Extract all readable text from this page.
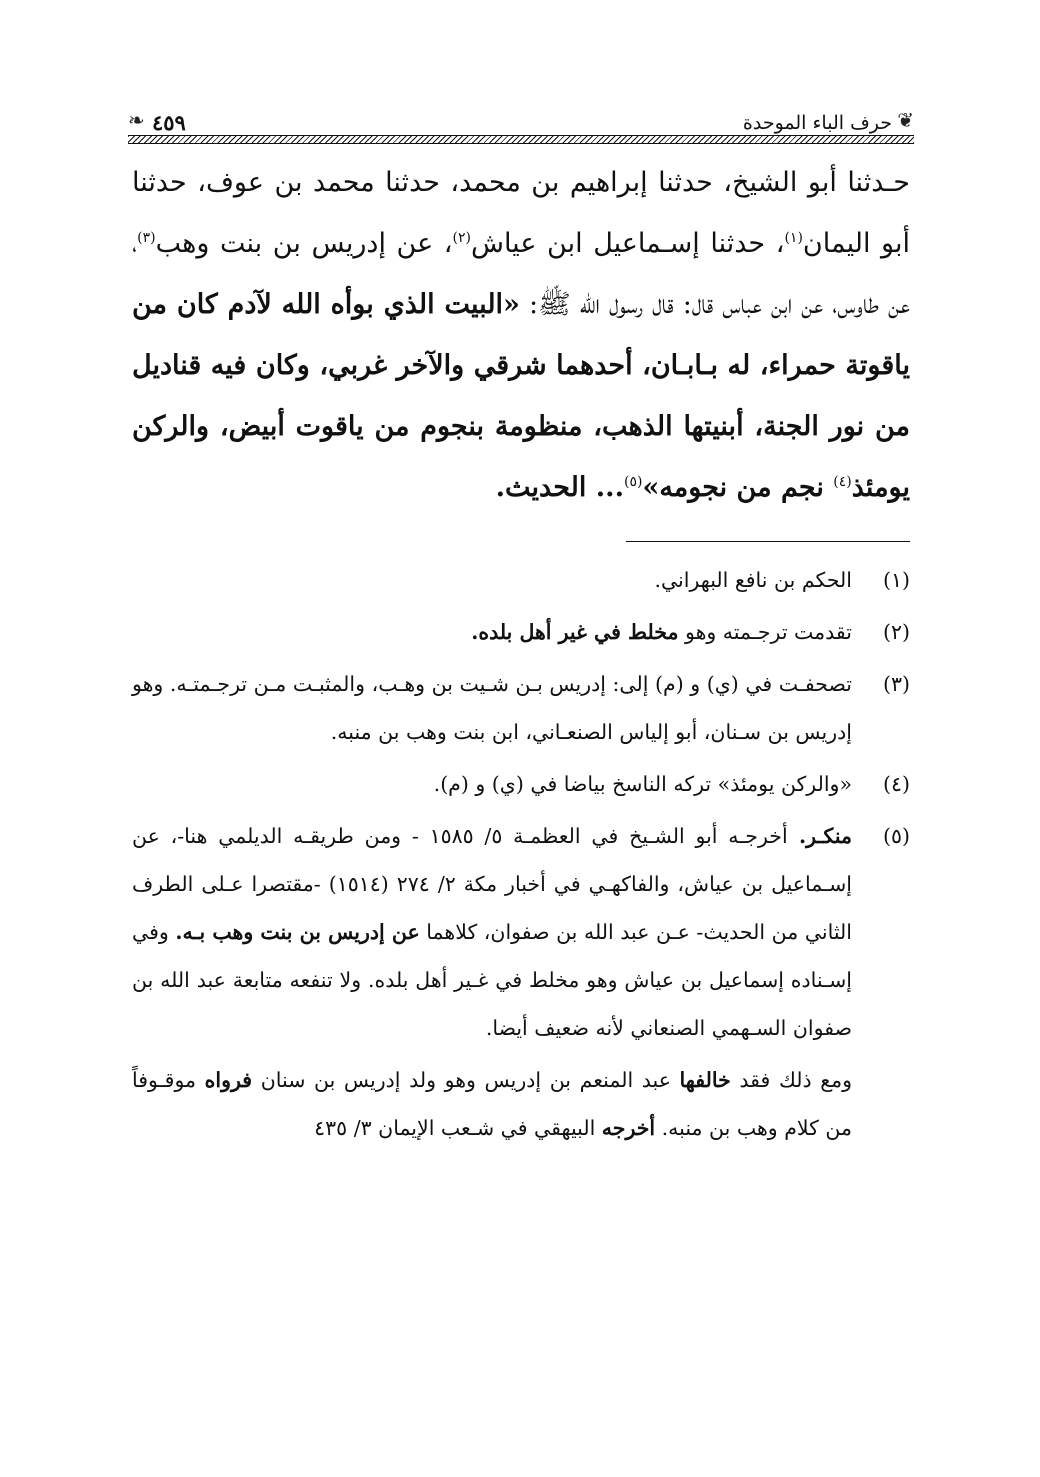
❦
حرف الباء الموحدة
❧ ٤٥٩

حـدثنا أبو الشيخ، حدثنا إبراهيم بن محمد، حدثنا محمد بن عوف، حدثنا أبو اليمان$^{(١)}$، حدثنا إسـماعيل ابن عياش$^{(٢)}$، عن إدريس بن بنت وهب$^{(٣)}$، عن طاوس، عن ابن عباس قال: قال رسول الله ﷺ: «البيت الذي بوأه الله لآدم كان من ياقوتة حمراء، له بـابـان، أحدهما شرقي والآخر غربي، وكان فيه قناديل من نور الجنة، أبنيتها الذهب، منظومة بنجوم من ياقوت أبيض، والركن يومئذ$^{(٤)}$ نجم من نجومه»$^{(٥)}$... الحديث.

(١)
الحكم بن نافع البهراني.
(٢)
تقدمت ترجـمته وهو مخلط في غير أهل بلده.
(٣)
تصحفـت في (ي) و (م) إلى: إدريس بـن شـيت بن وهـب، والمثبـت مـن ترجـمتـه. وهو إدريس بن سـنان، أبو إلياس الصنعـاني، ابن بنت وهب بن منبه.
(٤)
«والركن يومئذ» تركه الناسخ بياضا في (ي) و (م).
(٥)
منكـر. أخرجـه أبو الشـيخ في العظمـة ٥/ ١٥٨٥ - ومن طريقـه الديلمي هنا-، عن إسـماعيل بن عياش، والفاكهـي في أخبار مكة ٢/ ٢٧٤ (١٥١٤) -مقتصرا عـلى الطرف الثاني من الحديث- عـن عبد الله بن صفوان، كلاهما عن إدريس بن بنت وهب بـه. وفي إسـناده إسماعيل بن عياش وهو مخلط في غـير أهل بلده. ولا تنفعه متابعة عبد الله بن صفوان السـهمي الصنعاني لأنه ضعيف أيضا.
ومع ذلك فقد خالفها عبد المنعم بن إدريس وهو ولد إدريس بن سنان فرواه موقـوفاً من كلام وهب بن منبه. أخرجه البيهقي في شـعب الإيمان ٣/ ٤٣٥
